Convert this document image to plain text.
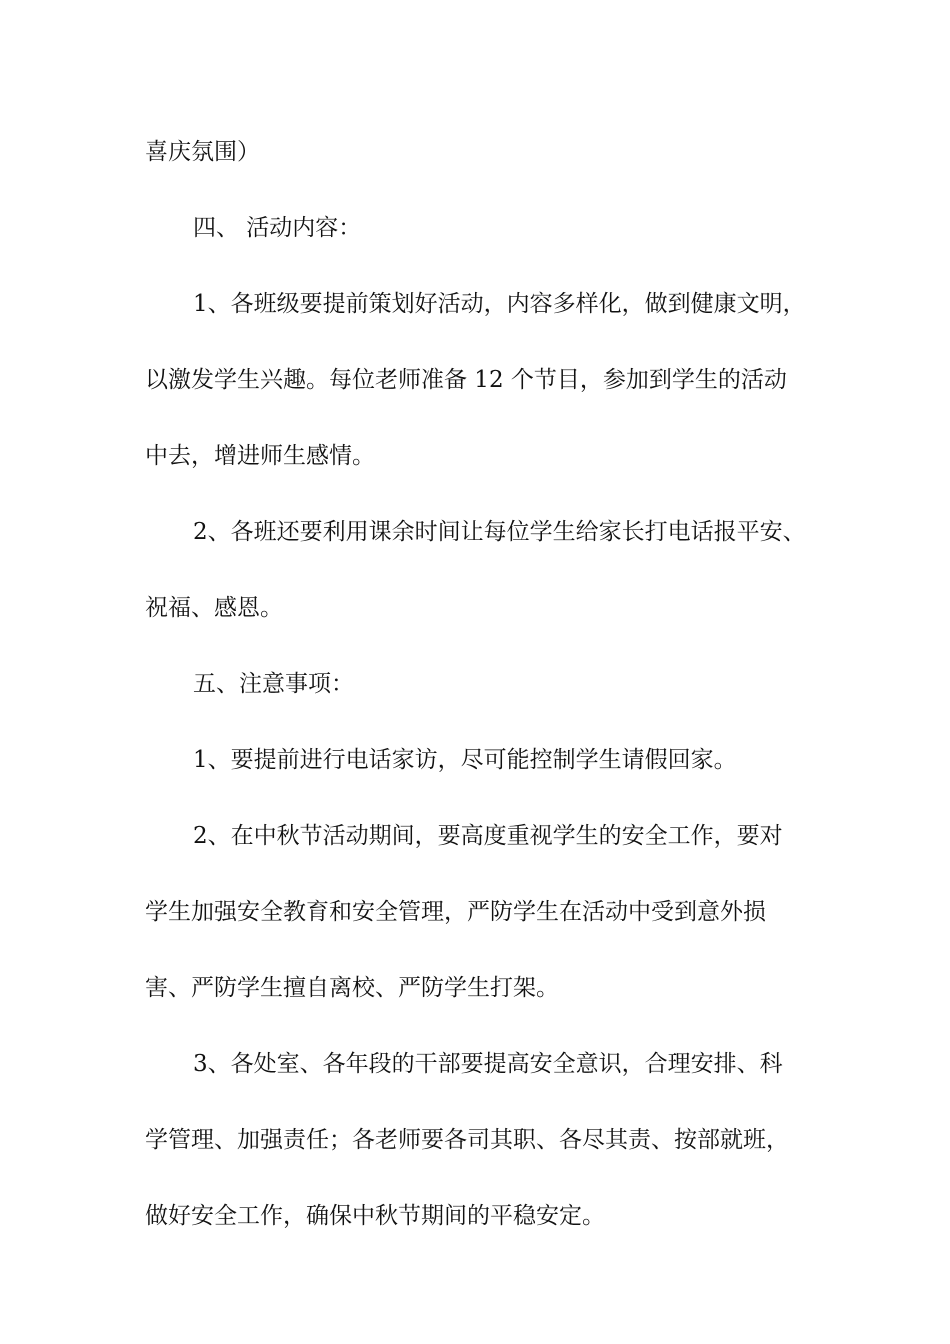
喜庆氛围）
四、 活动内容：
1、各班级要提前策划好活动，内容多样化，做到健康文明，
以激发学生兴趣。每位老师准备 12 个节目，参加到学生的活动
中去，增进师生感情。
2、各班还要利用课余时间让每位学生给家长打电话报平安、
祝福、感恩。
五、注意事项：
1、要提前进行电话家访，尽可能控制学生请假回家。
2、在中秋节活动期间，要高度重视学生的安全工作，要对
学生加强安全教育和安全管理，严防学生在活动中受到意外损
害、严防学生擅自离校、严防学生打架。
3、各处室、各年段的干部要提高安全意识，合理安排、科
学管理、加强责任；各老师要各司其职、各尽其责、按部就班，
做好安全工作，确保中秋节期间的平稳安定。
